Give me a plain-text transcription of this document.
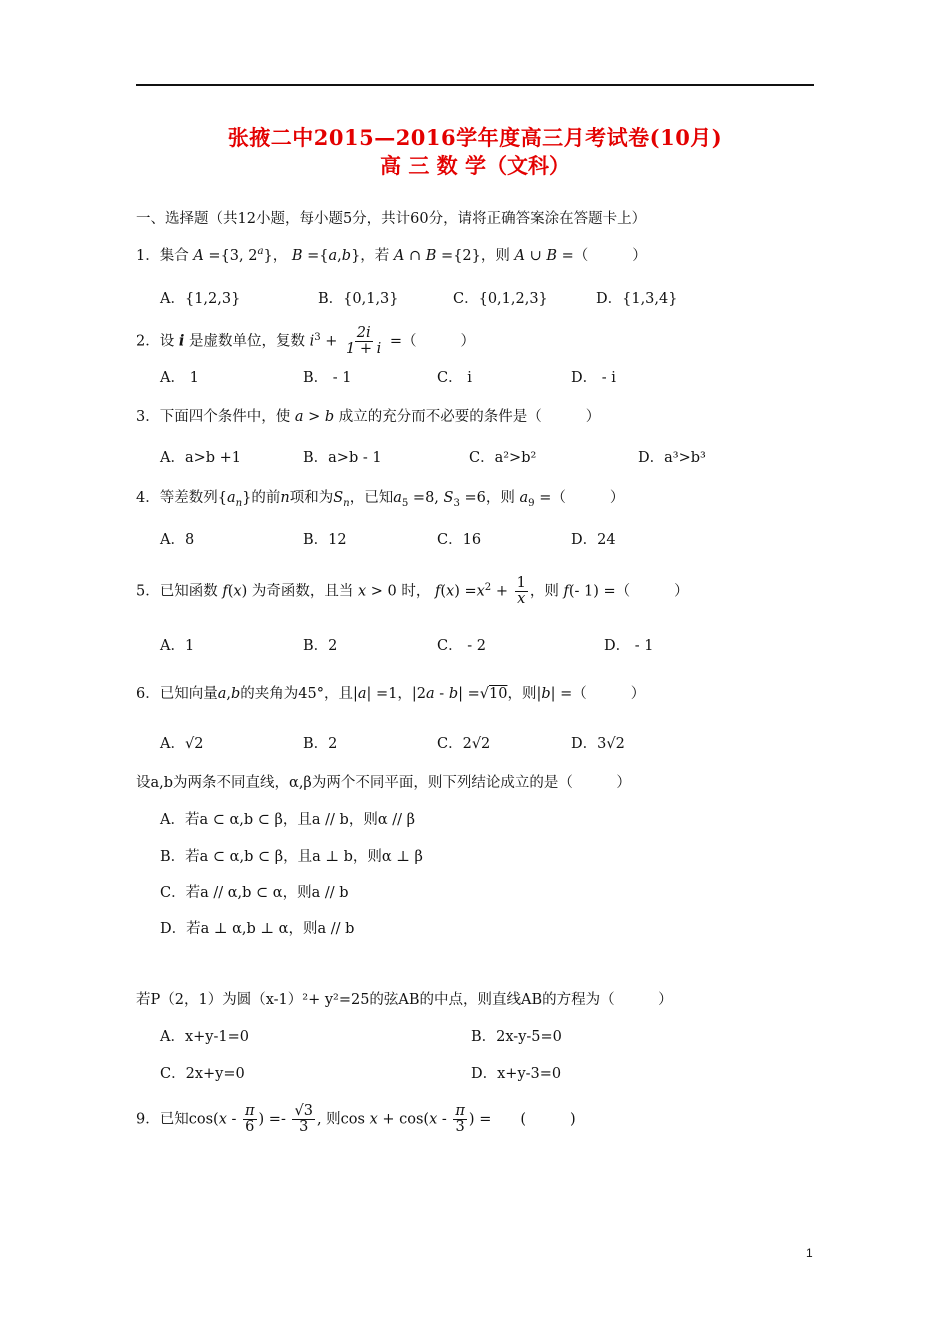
张掖二中2015—2016学年度高三月考试卷(10月)
高 三 数 学（文科）
一、选择题（共12小题，每小题5分，共计60分，请将正确答案涂在答题卡上）
1．集合 A ={3, 2$^a$}， B ={a,b}，若 A ∩ B ={2}，则 A ∪ B =（	）
A．{1,2,3}	B．{0,1,3}	C．{0,1,2,3}	D．{1,3,4}
2．设 i 是虚数单位，复数 $i^3 + \frac{2i}{1 + i}$ =（	）
A． 1	B． - 1	C． i	D． - i
3．下面四个条件中，使 a > b 成立的充分而不必要的条件是（	）
A．a>b +1	B．a>b - 1	C．a²>b²	D．a³>b³
4．等差数列$\{a_n\}$的前n项和为$S_n$，已知$a_5 =8$, $S_3 =6$，则 $a_9$ =（	）
A．8	B．12	C．16	D．24
5．已知函数 f(x) 为奇函数，且当 x > 0 时， $f(x) =x^2 + \frac{1}{x}$ ，则 f(- 1) =（	）
A．1	B．2	C． - 2	D． - 1
6．已知向量a,b的夹角为45°，且|a| =1，|2a - b| =√10，则|b| =（	）
A．√2	B．2	C．2√2	D．3√2
设a,b为两条不同直线，α,β为两个不同平面，则下列结论成立的是（　　　）
A．若a ⊂ α,b ⊂ β，且a // b，则α // β
B．若a ⊂ α,b ⊂ β，且a ⊥ b，则α ⊥ β
C．若a // α,b ⊂ α，则a // b
D．若a ⊥ α,b ⊥ α，则a // b
若P（2，1）为圆（x-1）²+ y²=25的弦AB的中点，则直线AB的方程为（　　　）
A．x+y-1=0	B．2x-y-5=0
C．2x+y=0	D．x+y-3=0
9．已知$\cos(x - \frac{\pi}{6}$ ) =- $\frac{√3}{3}$ , 则$\cos x + \cos(x - \frac{\pi}{3}$ ) =　　(	)
1
